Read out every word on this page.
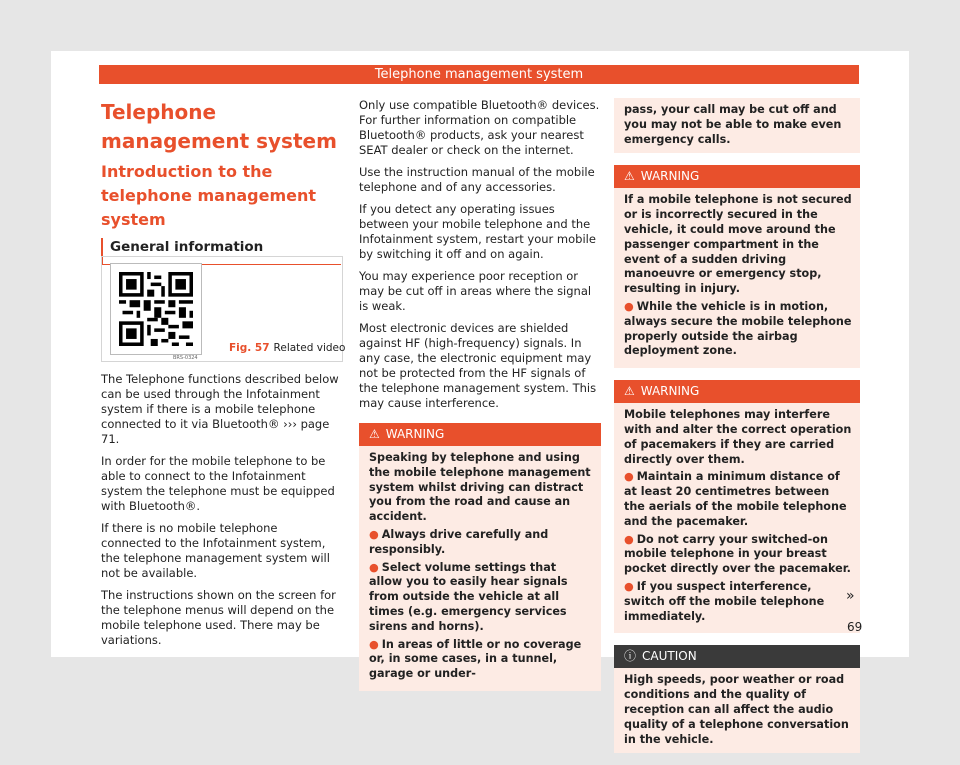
Telephone management system
Telephone management system
Introduction to the telephone management system
General information
BRS-0324
Fig. 57 Related video

The Telephone functions described below can be used through the Infotainment system if there is a mobile telephone connected to it via Bluetooth® ››› page 71.

In order for the mobile telephone to be able to connect to the Infotainment system the telephone must be equipped with Bluetooth®.

If there is no mobile telephone connected to the Infotainment system, the telephone management system will not be available.

The instructions shown on the screen for the telephone menus will depend on the mobile telephone used. There may be variations.

Only use compatible Bluetooth® devices. For further information on compatible Bluetooth® products, ask your nearest SEAT dealer or check on the internet.

Use the instruction manual of the mobile telephone and of any accessories.

If you detect any operating issues between your mobile telephone and the Infotainment system, restart your mobile by switching it off and on again.

You may experience poor reception or may be cut off in areas where the signal is weak.

Most electronic devices are shielded against HF (high-frequency) signals. In any case, the electronic equipment may not be protected from the HF signals of the telephone management system. This may cause interference.

⚠ WARNING

Speaking by telephone and using the mobile telephone management system whilst driving can distract you from the road and cause an accident.

● Always drive carefully and responsibly.

● Select volume settings that allow you to easily hear signals from outside the vehicle at all times (e.g. emergency services sirens and horns).

● In areas of little or no coverage or, in some cases, in a tunnel, garage or under-

pass, your call may be cut off and you may not be able to make even emergency calls.
⚠ WARNING

If a mobile telephone is not secured or is incorrectly secured in the vehicle, it could move around the passenger compartment in the event of a sudden driving manoeuvre or emergency stop, resulting in injury.

● While the vehicle is in motion, always secure the mobile telephone properly outside the airbag deployment zone.

⚠ WARNING

Mobile telephones may interfere with and alter the correct operation of pacemakers if they are carried directly over them.

● Maintain a minimum distance of at least 20 centimetres between the aerials of the mobile telephone and the pacemaker.

● Do not carry your switched-on mobile telephone in your breast pocket directly over the pacemaker.

● If you suspect interference, switch off the mobile telephone immediately.

ⓘ CAUTION
High speeds, poor weather or road conditions and the quality of reception can all affect the audio quality of a telephone conversation in the vehicle.
»
69
